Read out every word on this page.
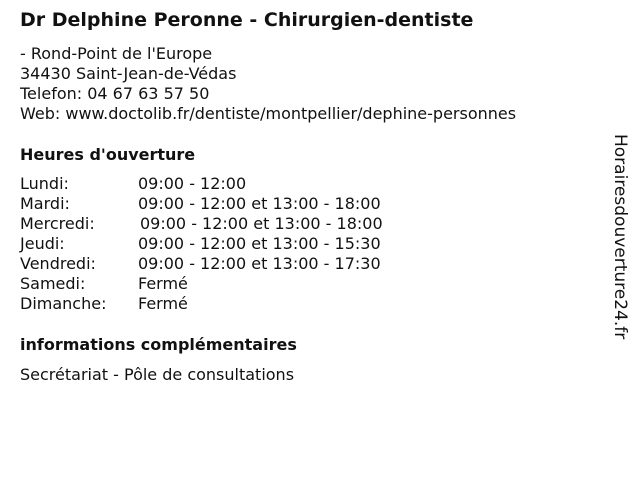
Dr Delphine Peronne - Chirurgien-dentiste
- Rond-Point de l'Europe
34430 Saint-Jean-de-Védas
Telefon: 04 67 63 57 50
Web: www.doctolib.fr/dentiste/montpellier/dephine-personnes
Heures d'ouverture
Lundi:	09:00 - 12:00
Mardi:	09:00 - 12:00 et 13:00 - 18:00
Mercredi:	09:00 - 12:00 et 13:00 - 18:00
Jeudi:	09:00 - 12:00 et 13:00 - 15:30
Vendredi:	09:00 - 12:00 et 13:00 - 17:30
Samedi:	Fermé
Dimanche: Fermé
informations complémentaires
Secrétariat - Pôle de consultations
Horairesdouverture24.fr
